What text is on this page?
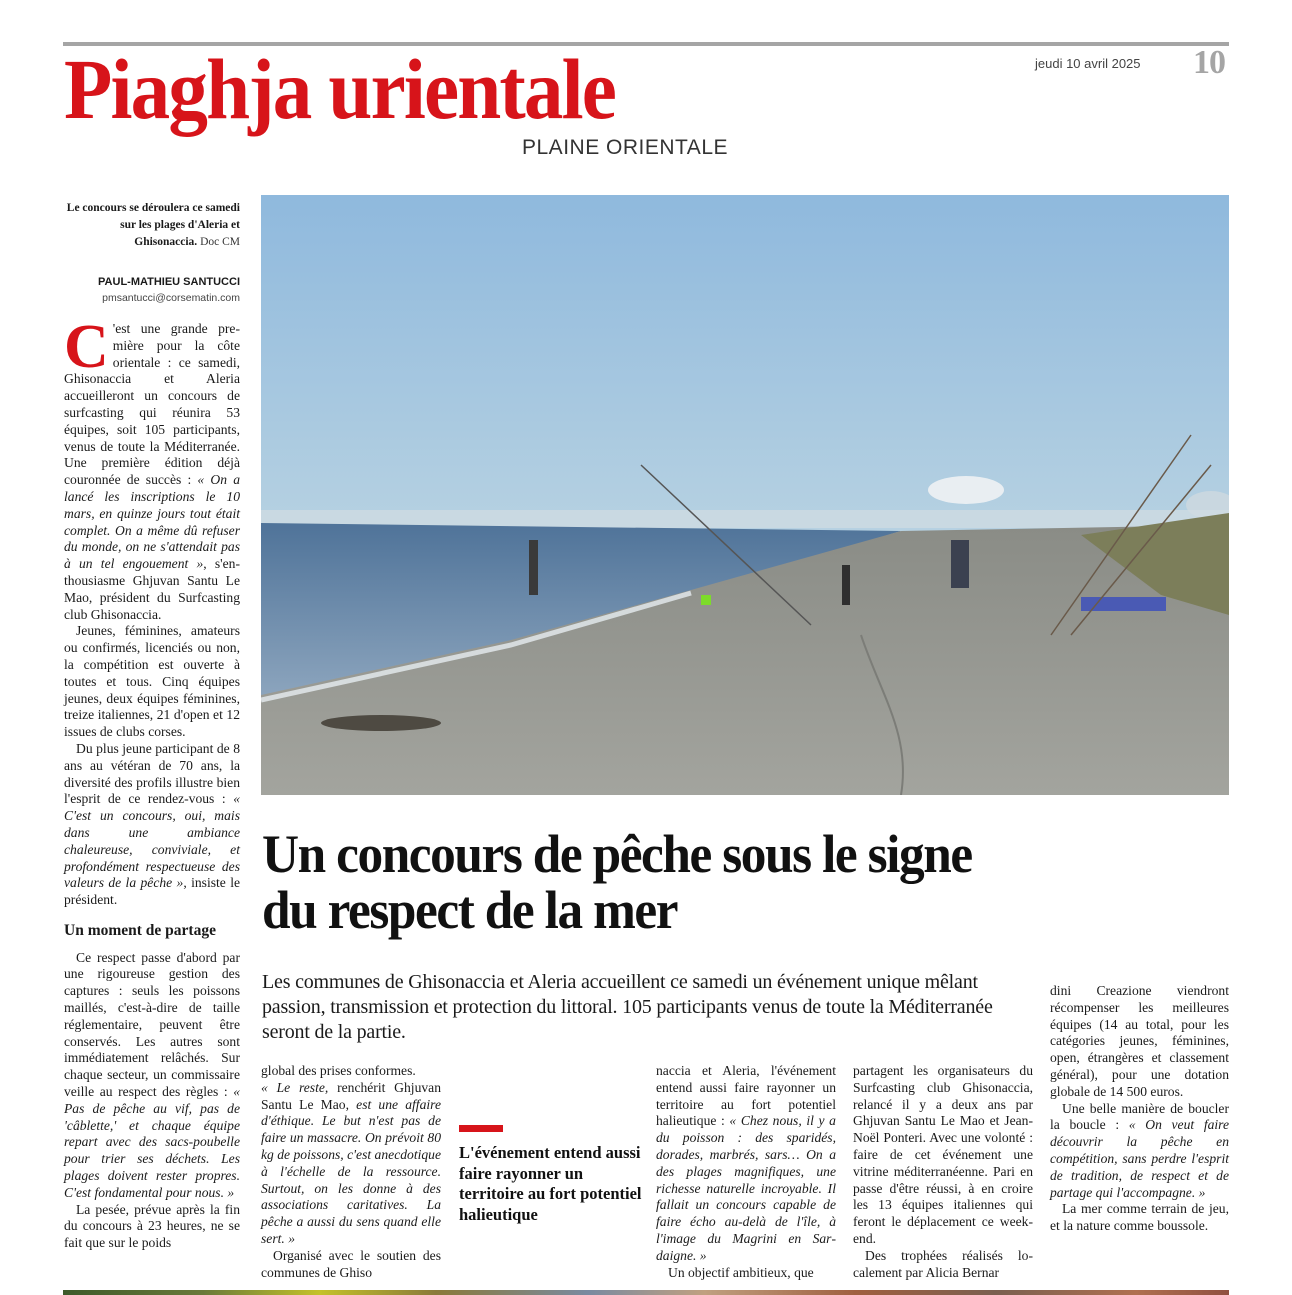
Piaghja urientale
PLAINE ORIENTALE
jeudi 10 avril 2025 10
Le concours se déroulera ce samedi sur les plages d'Aleria et Ghisonaccia. Doc CM
PAUL-MATHIEU SANTUCCI
pmsantucci@corsematin.com

C 'est une grande première pour la côte orientale : ce samedi, Ghisonaccia et Aleria accueilleront un concours de surfcasting qui réunira 53 équipes, soit 105 participants, venus de toute la Méditerranée. Une première édition déjà couronnée de succès : « On a lancé les inscriptions le 10 mars, en quinze jours tout était complet. On a même dû refuser du monde, on ne s'attendait pas à un tel engouement », s'enthousiasme Ghjuvan Santu Le Mao, président du Surfcasting club Ghisonaccia.

Jeunes, féminines, amateurs ou confirmés, licenciés ou non, la compétition est ouverte à toutes et tous. Cinq équipes jeunes, deux équipes féminines, treize italiennes, 21 d'open et 12 issues de clubs corses.

Du plus jeune participant de 8 ans au vétéran de 70 ans, la diversité des profils illustre bien l'esprit de ce rendez-vous : « C'est un concours, oui, mais dans une ambiance chaleureuse, conviviale, et profondément respectueuse des valeurs de la pêche », insiste le président.

Un moment de partage

Ce respect passe d'abord par une rigoureuse gestion des captures : seuls les poissons maillés, c'est-à-dire de taille réglementaire, peuvent être conservés. Les autres sont immédiatement relâchés. Sur chaque secteur, un commissaire veille au respect des règles : « Pas de pêche au vif, pas de 'câblette,' et chaque équipe repart avec des sacs-poubelle pour trier ses déchets. Les plages doivent rester propres. C'est fondamental pour nous. »

La pesée, prévue après la fin du concours à 23 heures, ne se fait que sur le poids

Un concours de pêche sous le signe du respect de la mer
Les communes de Ghisonaccia et Aleria accueillent ce samedi un événement unique mêlant passion, transmission et protection du littoral. 105 participants venus de toute la Méditerranée seront de la partie.

global des prises conformes.

« Le reste, renchérit Ghjuvan Santu Le Mao, est une affaire d'éthique. Le but n'est pas de faire un massacre. On prévoit 80 kg de poissons, c'est anecdotique à l'échelle de la ressource. Surtout, on les donne à des associations caritatives. La pêche a aussi du sens quand elle sert. »

Organisé avec le soutien des communes de Ghiso

L'événement entend aussi faire rayonner un territoire au fort potentiel halieutique

naccia et Aleria, l'événement entend aussi faire rayonner un territoire au fort potentiel halieutique : « Chez nous, il y a du poisson : des sparidés, dorades, marbrés, sars… On a des plages magnifiques, une richesse naturelle incroyable. Il fallait un concours capable de faire écho au-delà de l'île, à l'image du Magrini en Sardaigne. »

Un objectif ambitieux, que

partagent les organisateurs du Surfcasting club Ghisonaccia, relancé il y a deux ans par Ghjuvan Santu Le Mao et Jean-Noël Ponteri. Avec une volonté : faire de cet événement une vitrine méditerranéenne. Pari en passe d'être réussi, à en croire les 13 équipes italiennes qui feront le déplacement ce week-end.

Des trophées réalisés localement par Alicia Bernar

dini Creazione viendront récompenser les meilleures équipes (14 au total, pour les catégories jeunes, féminines, open, étrangères et classement général), pour une dotation globale de 14 500 euros.

Une belle manière de boucler la boucle : « On veut faire découvrir la pêche en compétition, sans perdre l'esprit de tradition, de respect et de partage qui l'accompagne. »

La mer comme terrain de jeu, et la nature comme boussole.
